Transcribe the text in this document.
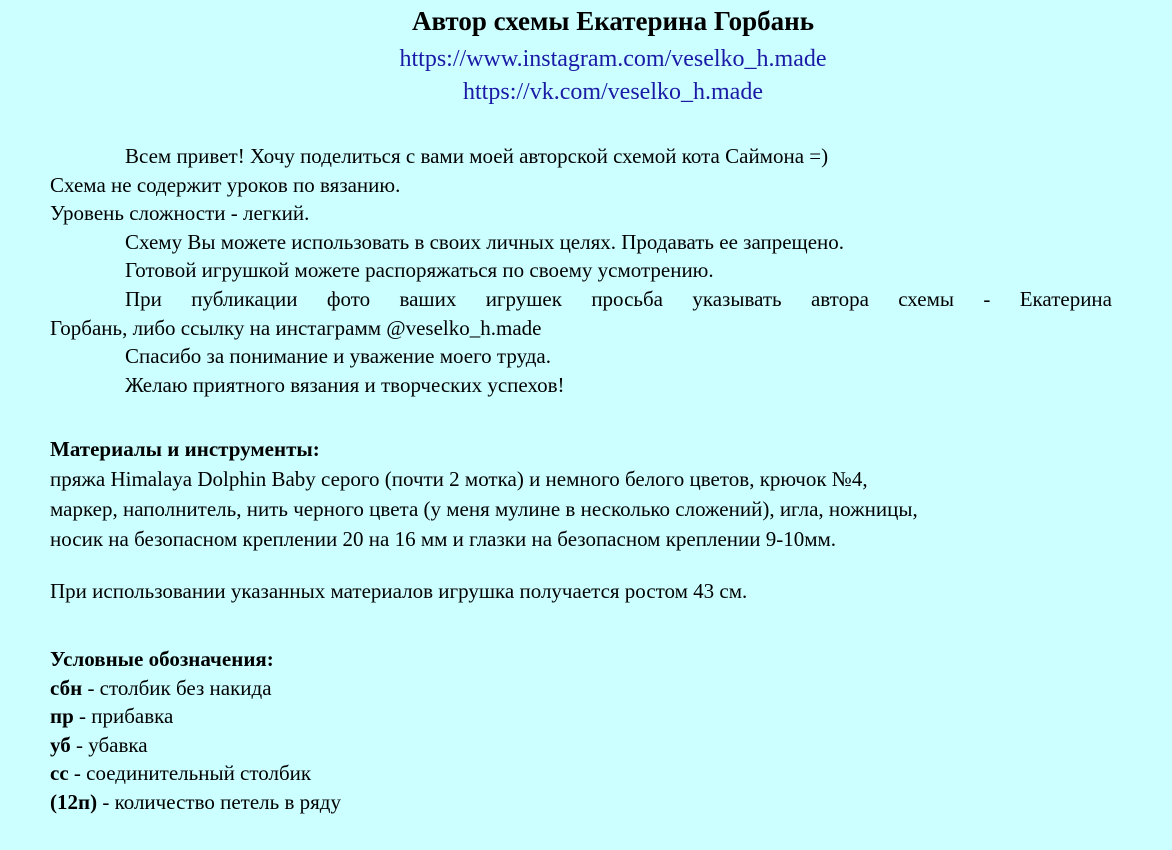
Автор схемы Екатерина Горбань
https://www.instagram.com/veselko_h.made
https://vk.com/veselko_h.made
Всем привет! Хочу поделиться с вами моей авторской схемой кота Саймона =)
Схема не содержит уроков по вязанию.
Уровень сложности - легкий.
Схему Вы можете использовать в своих личных целях. Продавать ее запрещено.
Готовой игрушкой можете распоряжаться по своему усмотрению.
При публикации фото ваших игрушек просьба указывать автора схемы - Екатерина
Горбань, либо ссылку на инстаграмм @veselko_h.made
Спасибо за понимание и уважение моего труда.
Желаю приятного вязания и творческих успехов!
Материалы и инструменты:
пряжа Himalaya Dolphin Baby серого (почти 2 мотка) и немного белого цветов, крючок №4,
маркер, наполнитель, нить черного цвета (у меня мулине в несколько сложений), игла, ножницы,
носик на безопасном креплении 20 на 16 мм и глазки на безопасном креплении 9-10мм.
При использовании указанных материалов игрушка получается ростом 43 см.
Условные обозначения:
сбн - столбик без накида
пр - прибавка
уб - убавка
сс - соединительный столбик
(12п) - количество петель в ряду
